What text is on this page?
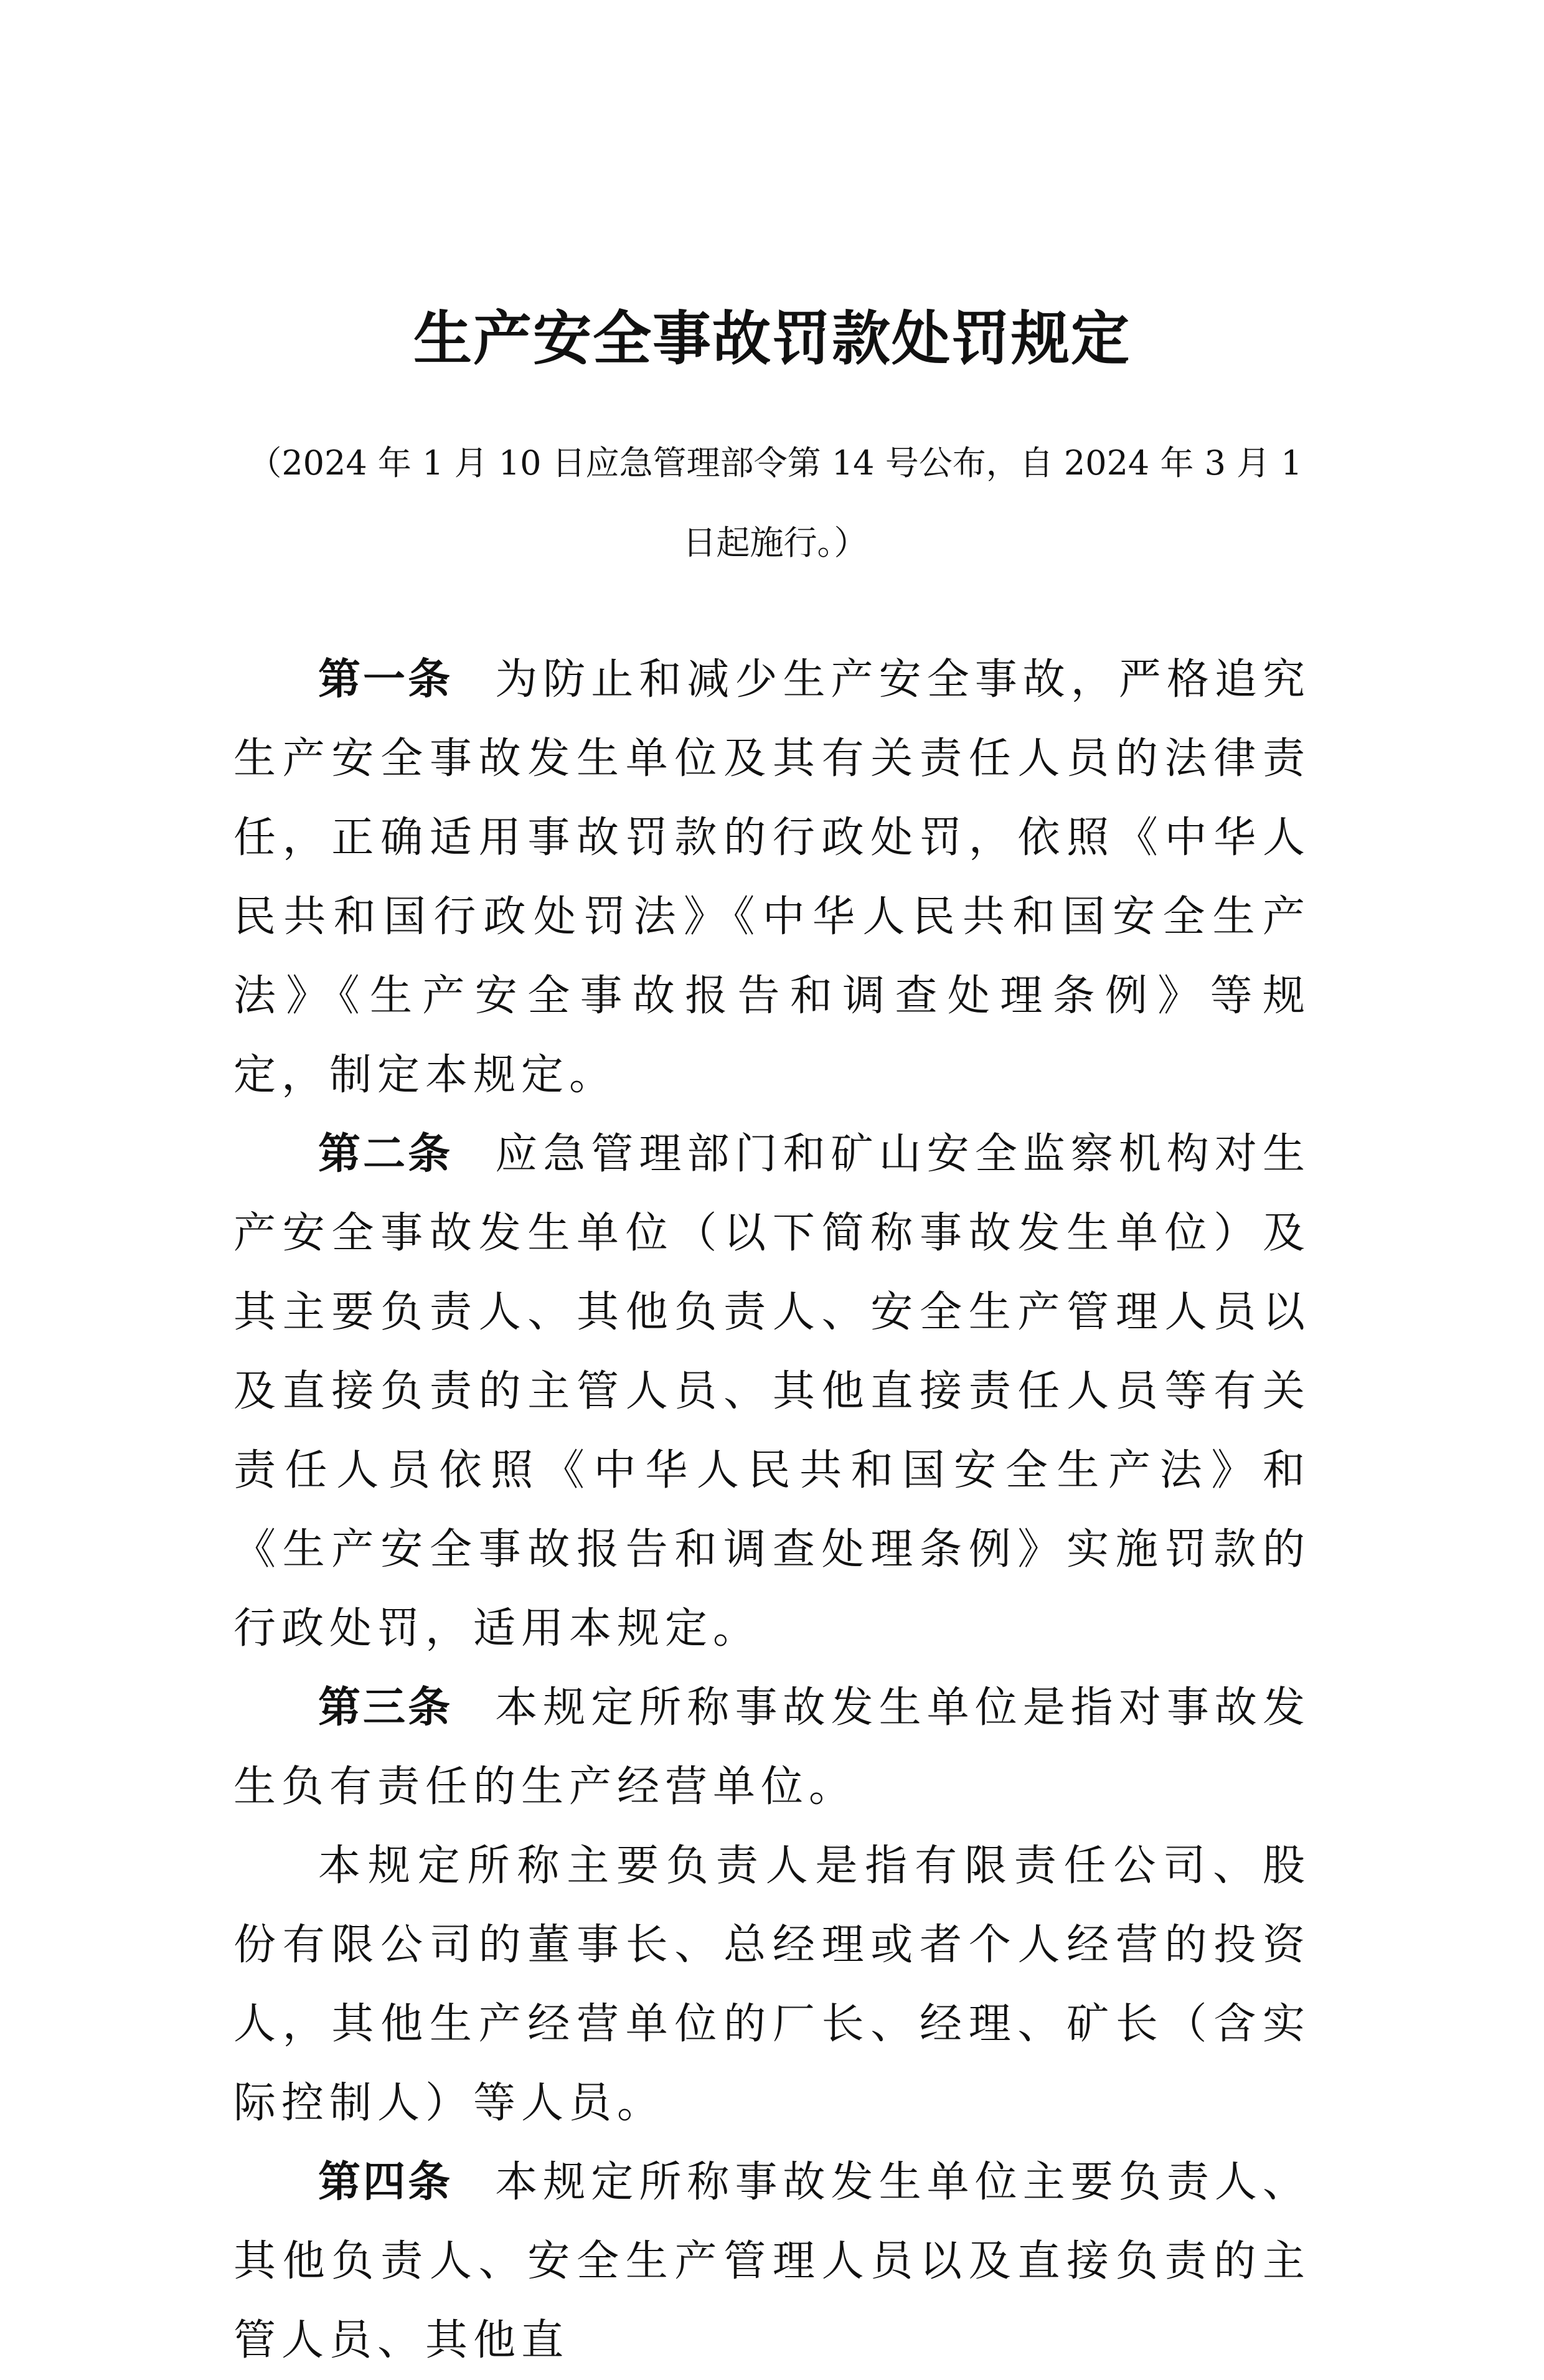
生产安全事故罚款处罚规定

（2024 年 1 月 10 日应急管理部令第 14 号公布，自 2024 年 3 月 1 日起施行。）

第一条 为防止和减少生产安全事故，严格追究生产安全事故发生单位及其有关责任人员的法律责任，正确适用事故罚款的行政处罚，依照《中华人民共和国行政处罚法》《中华人民共和国安全生产法》《生产安全事故报告和调查处理条例》等规定，制定本规定。

第二条 应急管理部门和矿山安全监察机构对生产安全事故发生单位（以下简称事故发生单位）及其主要负责人、其他负责人、安全生产管理人员以及直接负责的主管人员、其他直接责任人员等有关责任人员依照《中华人民共和国安全生产法》和《生产安全事故报告和调查处理条例》实施罚款的行政处罚，适用本规定。

第三条 本规定所称事故发生单位是指对事故发生负有责任的生产经营单位。

本规定所称主要负责人是指有限责任公司、股份有限公司的董事长、总经理或者个人经营的投资人，其他生产经营单位的厂长、经理、矿长（含实际控制人）等人员。

第四条 本规定所称事故发生单位主要负责人、其他负责人、安全生产管理人员以及直接负责的主管人员、其他直
